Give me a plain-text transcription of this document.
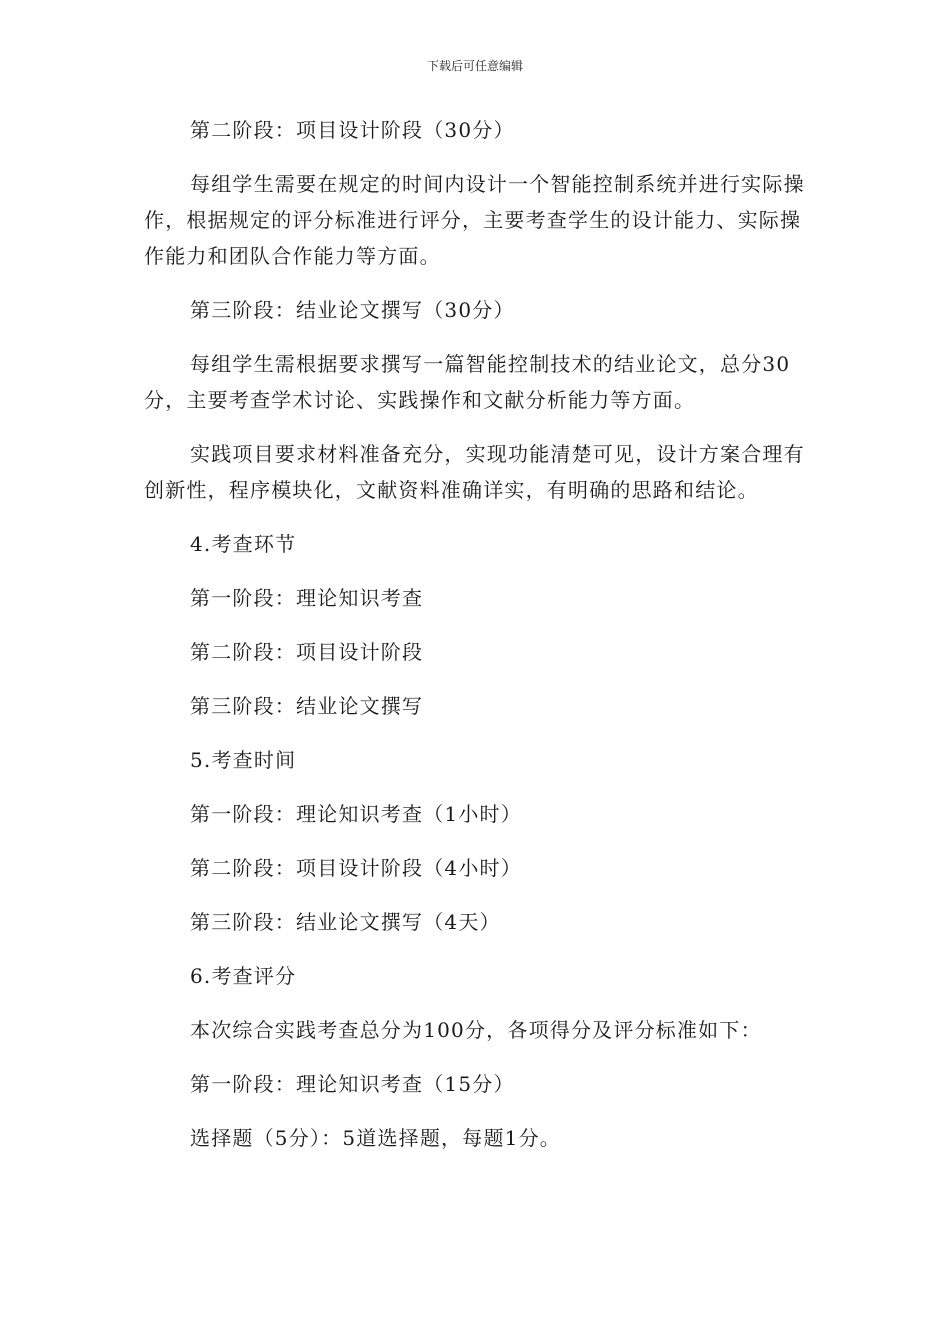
下载后可任意编辑

第二阶段：项目设计阶段（30分）

每组学生需要在规定的时间内设计一个智能控制系统并进行实际操作，根据规定的评分标准进行评分，主要考查学生的设计能力、实际操作能力和团队合作能力等方面。

第三阶段：结业论文撰写（30分）

每组学生需根据要求撰写一篇智能控制技术的结业论文，总分30分，主要考查学术讨论、实践操作和文献分析能力等方面。

实践项目要求材料准备充分，实现功能清楚可见，设计方案合理有创新性，程序模块化，文献资料准确详实，有明确的思路和结论。

4.考查环节

第一阶段：理论知识考查

第二阶段：项目设计阶段

第三阶段：结业论文撰写

5.考查时间

第一阶段：理论知识考查（1小时）

第二阶段：项目设计阶段（4小时）

第三阶段：结业论文撰写（4天）

6.考查评分

本次综合实践考查总分为100分，各项得分及评分标准如下：

第一阶段：理论知识考查（15分）

选择题（5分）：5道选择题，每题1分。
